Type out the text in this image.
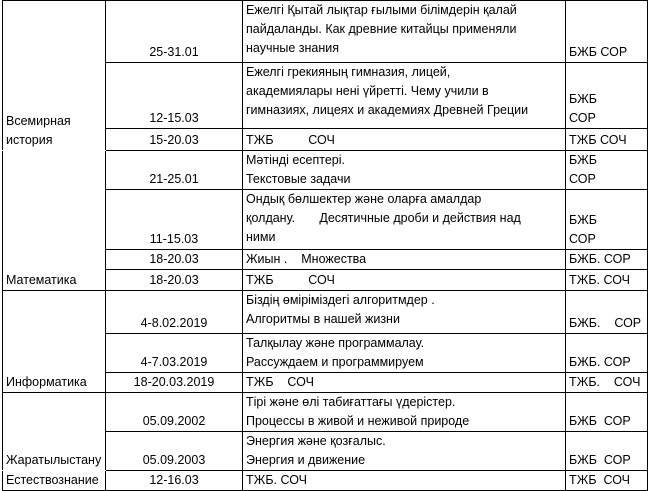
Всемирная
история	25-31.01	Ежелгі Қытай лықтар ғылыми білімдерін қалай
пайдаланды. Как древние китайцы применяли
научные знания	БЖБ СОР
	12-15.03	Ежелгі грекияның гимназия, лицей,
академиялары нені үйретті. Чему учили в
гимназиях, лицеях и академиях Древней Греции	БЖБ
СОР
	15-20.03	ТЖБ          СОЧ	ТЖБ СОЧ
Математика	21-25.01	Мәтінді есептері.
Текстовые задачи	БЖБ
СОР
	11-15.03	Ондық бөлшектер және оларға амалдар
қолдану.       Десятичные дроби и действия над
ними	БЖБ
СОР
	18-20.03	Жиын .    Множества	БЖБ. СОР
	18-20.03	ТЖБ          СОЧ	ТЖБ. СОЧ
Информатика	4-8.02.2019	Біздің өміріміздегі алгоритмдер .
Алгоритмы в нашей жизни	БЖБ.    СОР
	4-7.03.2019	Талқылау және программалау.
Рассуждаем и программируем	БЖБ. СОР
	18-20.03.2019	ТЖБ    СОЧ	ТЖБ.    СОЧ
Жаратылыстану	05.09.2002	Тірі және өлі табиғаттағы үдерістер.
Процессы в живой и неживой природе	БЖБ  СОР
	05.09.2003	Энергия және қозғалыс.
Энергия и движение	БЖБ  СОР
Естествознание	12-16.03	ТЖБ. СОЧ	ТЖБ  СОЧ
